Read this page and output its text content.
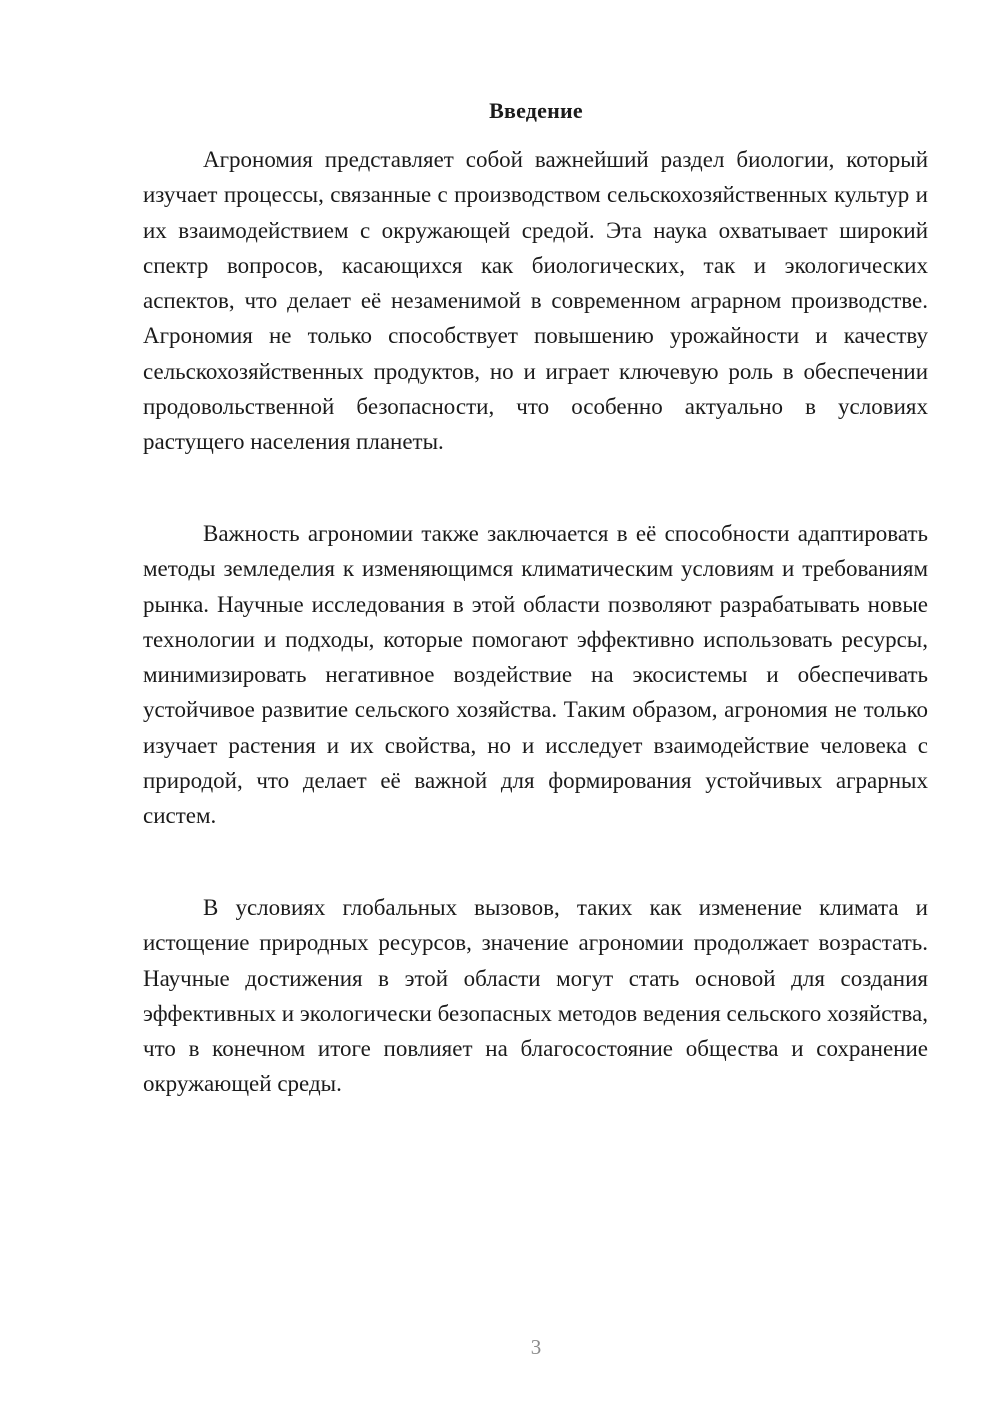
Введение

Агрономия представляет собой важнейший раздел биологии, который изучает процессы, связанные с производством сельскохозяйственных культур и их взаимодействием с окружающей средой. Эта наука охватывает широкий спектр вопросов, касающихся как биологических, так и экологических аспектов, что делает её незаменимой в современном аграрном производстве. Агрономия не только способствует повышению урожайности и качеству сельскохозяйственных продуктов, но и играет ключевую роль в обеспечении продовольственной безопасности, что особенно актуально в условиях растущего населения планеты.

Важность агрономии также заключается в её способности адаптировать методы земледелия к изменяющимся климатическим условиям и требованиям рынка. Научные исследования в этой области позволяют разрабатывать новые технологии и подходы, которые помогают эффективно использовать ресурсы, минимизировать негативное воздействие на экосистемы и обеспечивать устойчивое развитие сельского хозяйства. Таким образом, агрономия не только изучает растения и их свойства, но и исследует взаимодействие человека с природой, что делает её важной для формирования устойчивых аграрных систем.

В условиях глобальных вызовов, таких как изменение климата и истощение природных ресурсов, значение агрономии продолжает возрастать. Научные достижения в этой области могут стать основой для создания эффективных и экологически безопасных методов ведения сельского хозяйства, что в конечном итоге повлияет на благосостояние общества и сохранение окружающей среды.

3
